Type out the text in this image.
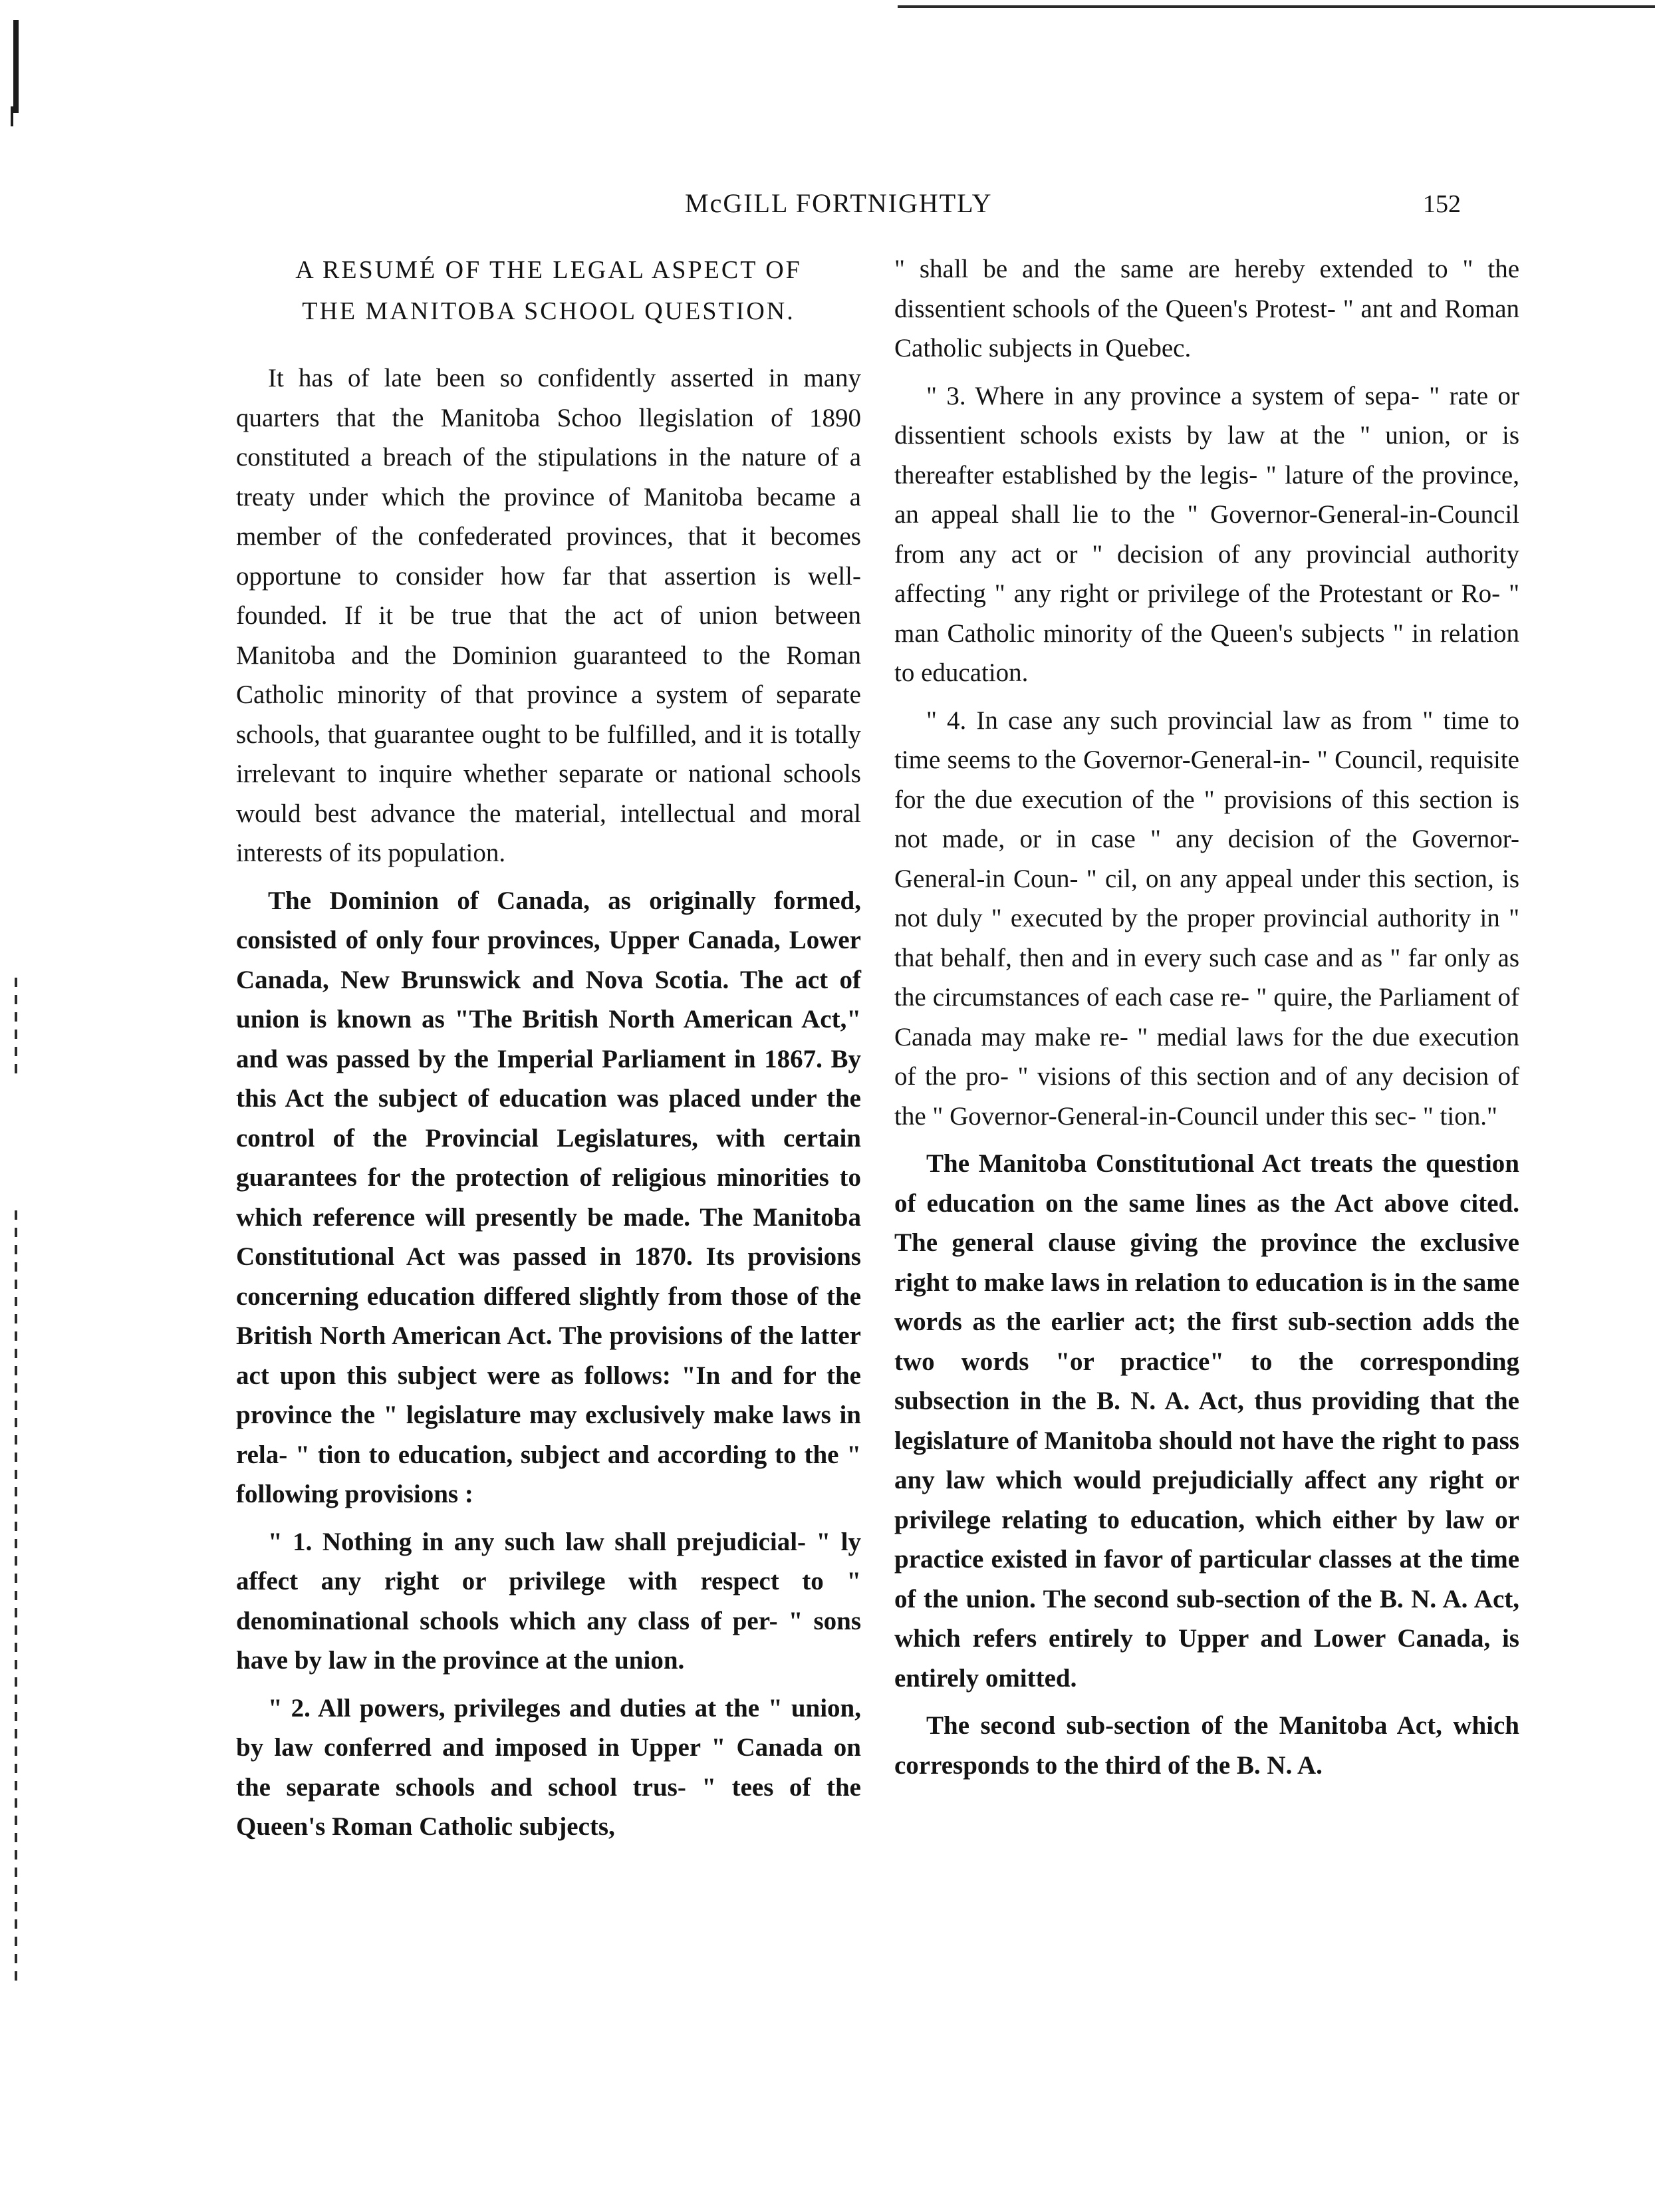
McGILL FORTNIGHTLY	152
A RESUMÉ OF THE LEGAL ASPECT OF
THE MANITOBA SCHOOL QUESTION.

It has of late been so confidently asserted in many quarters that the Manitoba Schoo llegislation of 1890 constituted a breach of the stipulations in the nature of a treaty under which the province of Manitoba became a member of the confederated provinces, that it becomes opportune to consider how far that assertion is well-founded. If it be true that the act of union between Manitoba and the Dominion guaranteed to the Roman Catholic minority of that province a system of separate schools, that guarantee ought to be fulfilled, and it is totally irrelevant to inquire whether separate or national schools would best advance the material, intellectual and moral interests of its population.

The Dominion of Canada, as originally formed, consisted of only four provinces, Upper Canada, Lower Canada, New Brunswick and Nova Scotia. The act of union is known as "The British North American Act," and was passed by the Imperial Parliament in 1867. By this Act the subject of education was placed under the control of the Provincial Legislatures, with certain guarantees for the protection of religious minorities to which reference will presently be made. The Manitoba Constitutional Act was passed in 1870. Its provisions concerning education differed slightly from those of the British North American Act. The provisions of the latter act upon this subject were as follows: "In and for the province the " legislature may exclusively make laws in rela- " tion to education, subject and according to the " following provisions :

" 1. Nothing in any such law shall prejudicial- " ly affect any right or privilege with respect to " denominational schools which any class of per- " sons have by law in the province at the union.

" 2. All powers, privileges and duties at the " union, by law conferred and imposed in Upper " Canada on the separate schools and school trus- " tees of the Queen's Roman Catholic subjects,

" shall be and the same are hereby extended to " the dissentient schools of the Queen's Protest- " ant and Roman Catholic subjects in Quebec.

" 3. Where in any province a system of sepa- " rate or dissentient schools exists by law at the " union, or is thereafter established by the legis- " lature of the province, an appeal shall lie to the " Governor-General-in-Council from any act or " decision of any provincial authority affecting " any right or privilege of the Protestant or Ro- " man Catholic minority of the Queen's subjects " in relation to education.

" 4. In case any such provincial law as from " time to time seems to the Governor-General-in- " Council, requisite for the due execution of the " provisions of this section is not made, or in case " any decision of the Governor-General-in Coun- " cil, on any appeal under this section, is not duly " executed by the proper provincial authority in " that behalf, then and in every such case and as " far only as the circumstances of each case re- " quire, the Parliament of Canada may make re- " medial laws for the due execution of the pro- " visions of this section and of any decision of the " Governor-General-in-Council under this sec- " tion."

The Manitoba Constitutional Act treats the question of education on the same lines as the Act above cited. The general clause giving the province the exclusive right to make laws in relation to education is in the same words as the earlier act; the first sub-section adds the two words "or practice" to the corresponding subsection in the B. N. A. Act, thus providing that the legislature of Manitoba should not have the right to pass any law which would prejudicially affect any right or privilege relating to education, which either by law or practice existed in favor of particular classes at the time of the union. The second sub-section of the B. N. A. Act, which refers entirely to Upper and Lower Canada, is entirely omitted.

The second sub-section of the Manitoba Act, which corresponds to the third of the B. N. A.
